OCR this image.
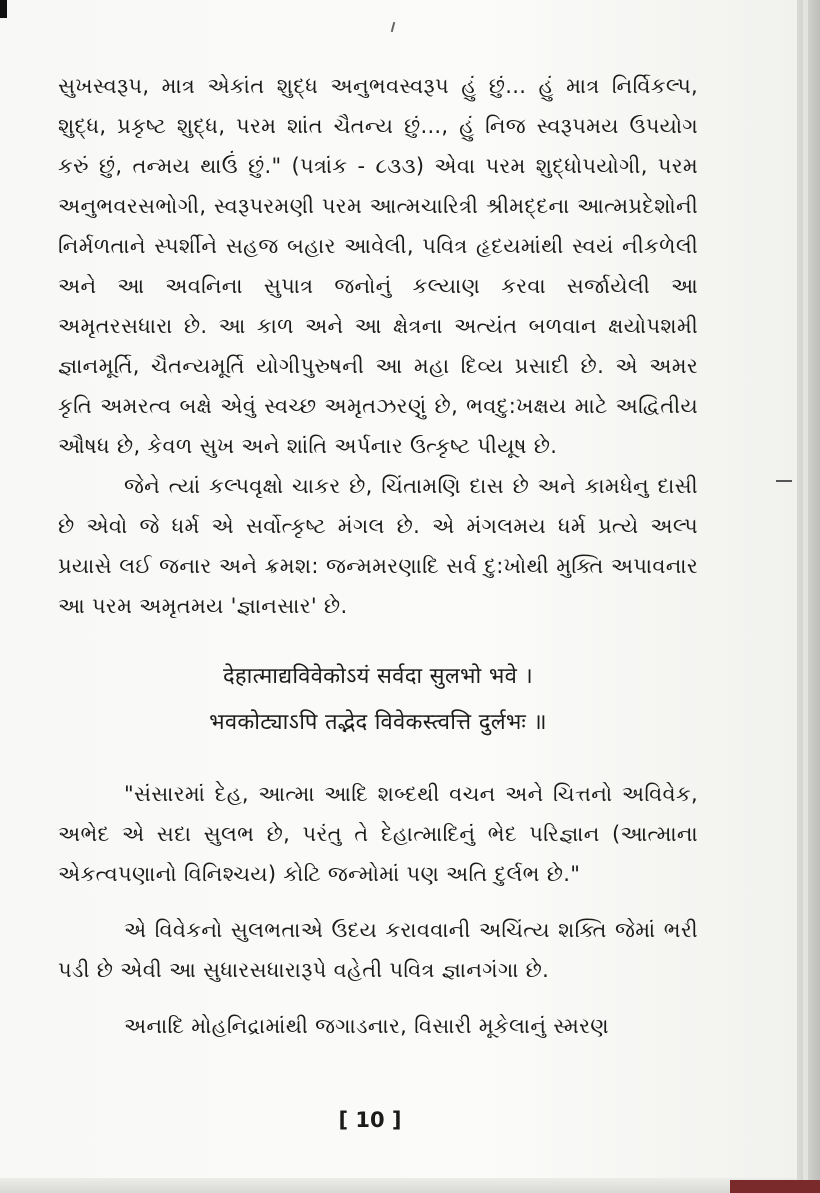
સુખસ્વરૂપ, માત્ર એકાંત શુદ્ધ અનુભવસ્વરૂપ હું છું... હું માત્ર નિર્વિકલ્પ, શુદ્ધ, પ્રકૃષ્ટ શુદ્ધ, પરમ શાંત ચૈતન્ય છું..., હું નિજ સ્વરૂપમય ઉપયોગ કરું છું, તન્મય થાઉં છું." (પત્રાંક - ૮૩૩) એવા પરમ શુદ્ધોપયોગી, પરમ અનુભવરસભોગી, સ્વરૂપરમણી પરમ આત્મચારિત્રી શ્રીમદ્દના આત્મપ્રદેશોની નિર્મળતાને સ્પર્શીને સહજ બહાર આવેલી, પવિત્ર હૃદયમાંથી સ્વયં નીકળેલી અને આ અવનિના સુપાત્ર જનોનું કલ્યાણ કરવા સર્જાયેલી આ અમૃતરસધારા છે. આ કાળ અને આ ક્ષેત્રના અત્યંત બળવાન ક્ષયોપશમી જ્ઞાનમૂર્તિ, ચૈતન્યમૂર્તિ યોગીપુરુષની આ મહા દિવ્ય પ્રસાદી છે. એ અમર કૃતિ અમરત્વ બક્ષે એવું સ્વચ્છ અમૃતઝરણું છે, ભવદુ:ખક્ષય માટે અદ્વિતીય ઔષધ છે, કેવળ સુખ અને શાંતિ અર્પનાર ઉત્કૃષ્ટ પીયૂષ છે.

જેને ત્યાં કલ્પવૃક્ષો ચાકર છે, ચિંતામણિ દાસ છે અને કામધેનુ દાસી છે એવો જે ધર્મ એ સર્વોત્કૃષ્ટ મંગલ છે. એ મંગલમય ધર્મ પ્રત્યે અલ્પ પ્રયાસે લઈ જનાર અને ક્રમશ: જન્મમરણાદિ સર્વ દુ:ખોથી મુક્તિ અપાવનાર આ પરમ અમૃતમય 'જ્ઞાનસાર' છે.

देहात्माद्यविवेकोऽयं सर्वदा सुलभो भवे ।
भवकोट्याऽपि तद्भेद विवेकस्त्वत्ति दुर्लभः ॥

"સંસારમાં દેહ, આત્મા આદિ શબ્દથી વચન અને ચિત્તનો અવિવેક, અભેદ એ સદા સુલભ છે, પરંતુ તે દેહાત્માદિનું ભેદ પરિજ્ઞાન (આત્માના એકત્વપણાનો વિનિશ્ચય) કોટિ જન્મોમાં પણ અતિ દુર્લભ છે."

એ વિવેકનો સુલભતાએ ઉદય કરાવવાની અચિંત્ય શક્તિ જેમાં ભરી પડી છે એવી આ સુધારસધારારૂપે વહેતી પવિત્ર જ્ઞાનગંગા છે.

અનાદિ મોહનિદ્રામાંથી જગાડનાર, વિસારી મૂકેલાનું સ્મરણ

[ 10 ]
